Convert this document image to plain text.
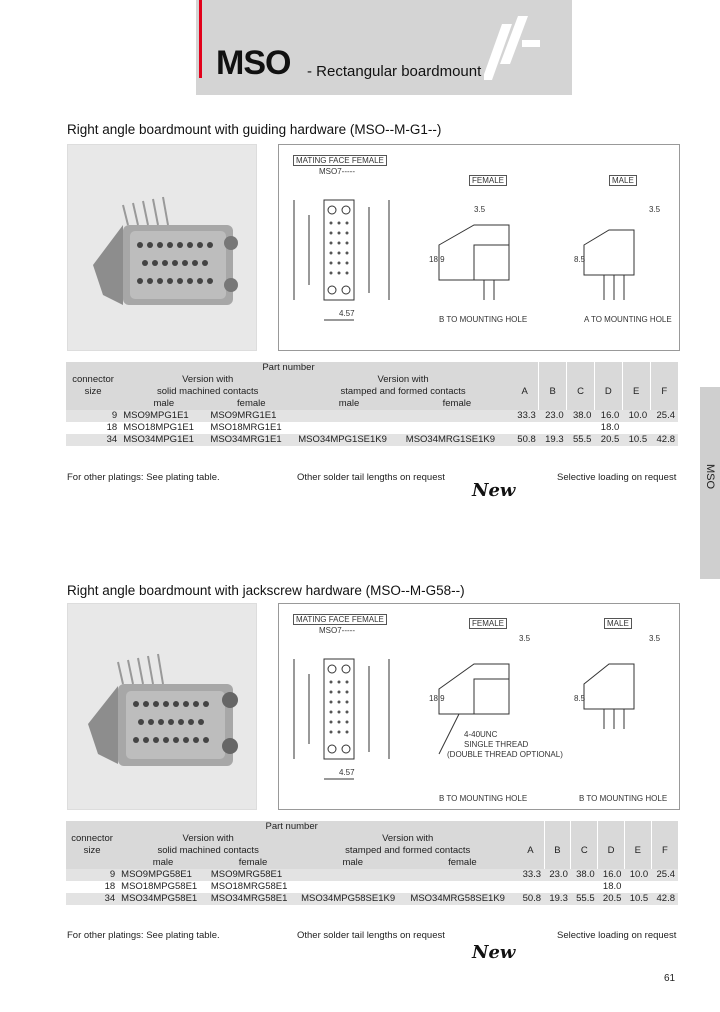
MSO - Rectangular boardmount
MSO
Right angle boardmount with guiding hardware (MSO--M-G1--)
MATING FACE FEMALE
MSO7-----
FEMALE	MALE
3.5	3.5
18.9	8.5
4.57
B TO MOUNTING HOLE	A TO MOUNTING HOLE
Part number										
connector	Version with		Version with							
size	solid machined contacts		stamped and formed contacts		A	B	C	D	E	F
	male	female	male	female						
9	MSO9MPG1E1	MSO9MRG1E1			33.3	23.0	38.0	16.0	10.0	25.4
18	MSO18MPG1E1	MSO18MRG1E1						18.0		
34	MSO34MPG1E1	MSO34MRG1E1	MSO34MPG1SE1K9	MSO34MRG1SE1K9	50.8	19.3	55.5	20.5	10.5	42.8
For other platings: See plating table.	Other solder tail lengths on request	Selective loading on request
New
Right angle boardmount with jackscrew hardware (MSO--M-G58--)
MATING FACE FEMALE
MSO7-----
FEMALE	MALE
3.5	3.5
18.9	8.5
4.57
4-40UNC
SINGLE THREAD
(DOUBLE THREAD OPTIONAL)
B TO MOUNTING HOLE	B TO MOUNTING HOLE
Part number										
connector	Version with		Version with							
size	solid machined contacts		stamped and formed contacts		A	B	C	D	E	F
	male	female	male	female						
9	MSO9MPG58E1	MSO9MRG58E1			33.3	23.0	38.0	16.0	10.0	25.4
18	MSO18MPG58E1	MSO18MRG58E1						18.0		
34	MSO34MPG58E1	MSO34MRG58E1	MSO34MPG58SE1K9	MSO34MRG58SE1K9	50.8	19.3	55.5	20.5	10.5	42.8
For other platings: See plating table.	Other solder tail lengths on request	Selective loading on request
New
61
